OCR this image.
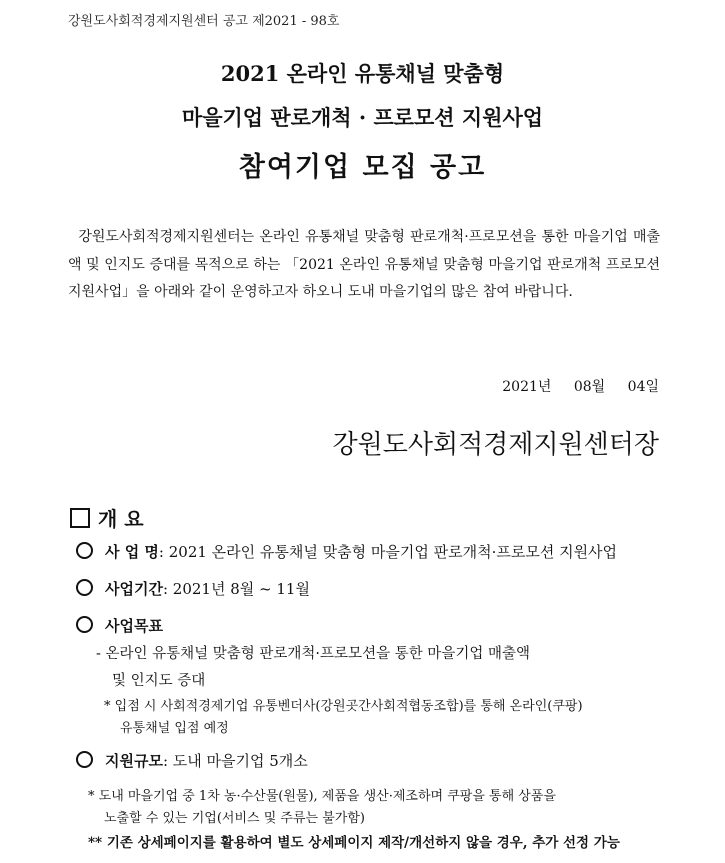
강원도사회적경제지원센터 공고 제2021 - 98호
2021 온라인 유통채널 맞춤형
마을기업 판로개척 · 프로모션 지원사업
참여기업 모집 공고
강원도사회적경제지원센터는 온라인 유통채널 맞춤형 판로개척·프로모션을 통한 마을기업 매출액 및 인지도 증대를 목적으로 하는 「2021 온라인 유통채널 맞춤형 마을기업 판로개척 프로모션 지원사업」을 아래와 같이 운영하고자 하오니 도내 마을기업의 많은 참여 바랍니다.
2021년 08월 04일
강원도사회적경제지원센터장
개 요
사 업 명: 2021 온라인 유통채널 맞춤형 마을기업 판로개척·프로모션 지원사업
사업기간: 2021년 8월 ~ 11월
사업목표
- 온라인 유통채널 맞춤형 판로개척·프로모션을 통한 마을기업 매출액
및 인지도 증대
* 입점 시 사회적경제기업 유통벤더사(강원곳간사회적협동조합)를 통해 온라인(쿠팡)
유통채널 입점 예정
지원규모: 도내 마을기업 5개소
* 도내 마을기업 중 1차 농·수산물(원물), 제품을 생산·제조하며 쿠팡을 통해 상품을
노출할 수 있는 기업(서비스 및 주류는 불가함)
** 기존 상세페이지를 활용하여 별도 상세페이지 제작/개선하지 않을 경우, 추가 선정 가능
